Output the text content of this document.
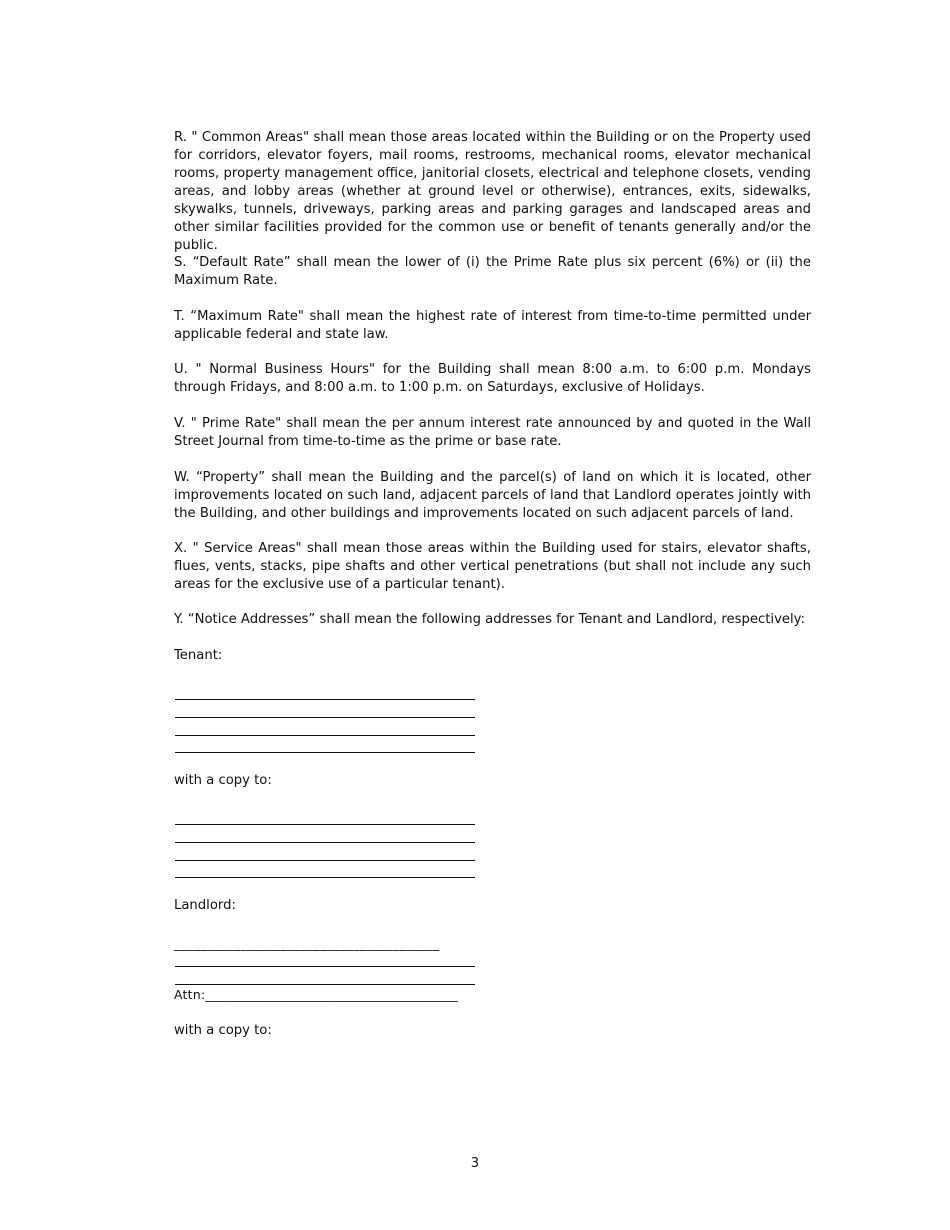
R. " Common Areas" shall mean those areas located within the Building or on the Property used for corridors, elevator foyers, mail rooms, restrooms, mechanical rooms, elevator mechanical rooms, property management office, janitorial closets, electrical and telephone closets, vending areas, and lobby areas (whether at ground level or otherwise), entrances, exits, sidewalks, skywalks, tunnels, driveways, parking areas and parking garages and landscaped areas and other similar facilities provided for the common use or benefit of tenants generally and/or the public.

S. “Default Rate” shall mean the lower of (i) the Prime Rate plus six percent (6%) or (ii) the Maximum Rate.

T. “Maximum Rate" shall mean the highest rate of interest from time-to-time permitted under applicable federal and state law.

U. " Normal Business Hours" for the Building shall mean 8:00 a.m. to 6:00 p.m. Mondays through Fridays, and 8:00 a.m. to 1:00 p.m. on Saturdays, exclusive of Holidays.

V. " Prime Rate" shall mean the per annum interest rate announced by and quoted in the Wall Street Journal from time-to-time as the prime or base rate.

W. “Property” shall mean the Building and the parcel(s) of land on which it is located, other improvements located on such land, adjacent parcels of land that Landlord operates jointly with the Building, and other buildings and improvements located on such adjacent parcels of land.

X. " Service Areas" shall mean those areas within the Building used for stairs, elevator shafts, flues, vents, stacks, pipe shafts and other vertical penetrations (but shall not include any such areas for the exclusive use of a particular tenant).

Y. “Notice Addresses” shall mean the following addresses for Tenant and Landlord, respectively:

Tenant:

with a copy to:

Landlord:

________________________________________

Attn:_______________________________________

with a copy to:

3
